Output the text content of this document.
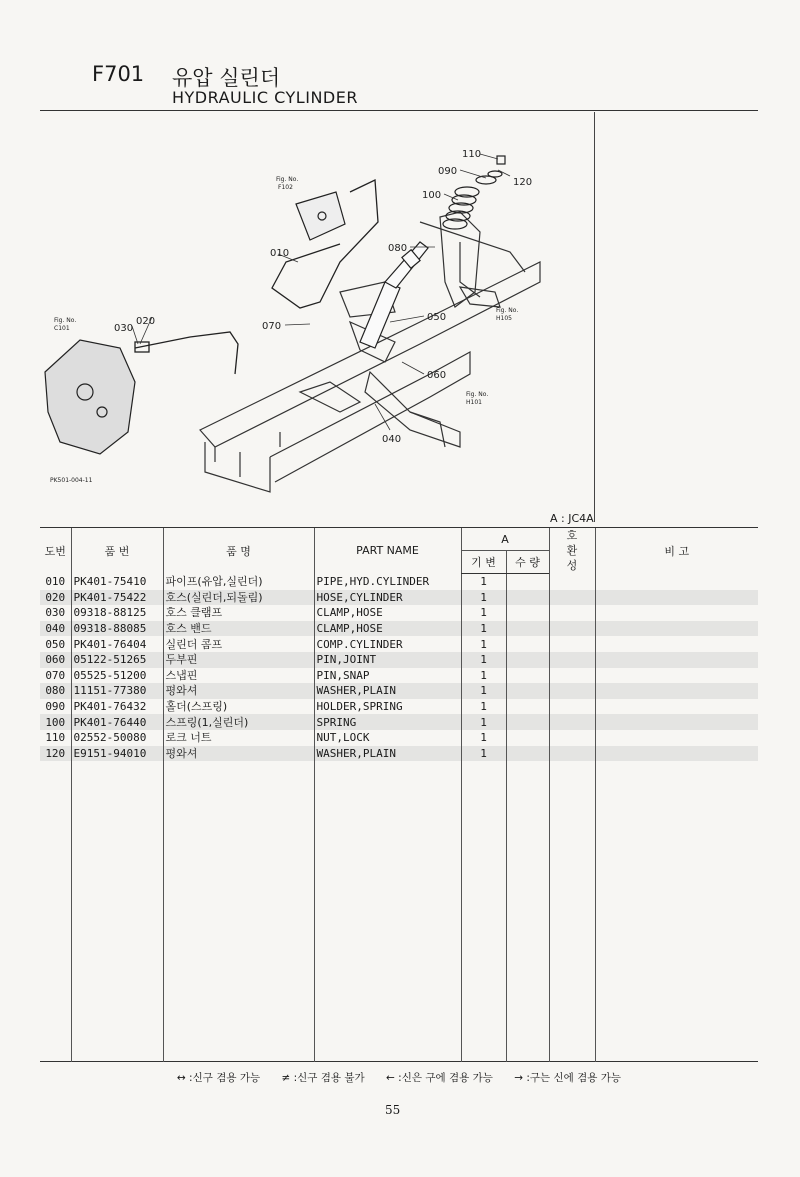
F701 유압 실린더
HYDRAULIC CYLINDER
110
090
120
100
080
010
020
030	070
050
060
040
Fig. No.
F102
Fig. No.
C101
Fig. No.
H105
Fig. No.
H101
PK501-004-11
A : JC4A
도번	품 번	품 명	PART NAME	A		호
환
성	비 고
				기 변	수 량		
010	PK401-75410	파이프(유압,실린더)	PIPE,HYD.CYLINDER	1			
020	PK401-75422	호스(실린더,되돌림)	HOSE,CYLINDER	1			
030	09318-88125	호스 클램프	CLAMP,HOSE	1			
040	09318-88085	호스 밴드	CLAMP,HOSE	1			
050	PK401-76404	실린더 콤프	COMP.CYLINDER	1			
060	05122-51265	두부핀	PIN,JOINT	1			
070	05525-51200	스냅핀	PIN,SNAP	1			
080	11151-77380	평와셔	WASHER,PLAIN	1			
090	PK401-76432	홀더(스프링)	HOLDER,SPRING	1			
100	PK401-76440	스프링(1,실린더)	SPRING	1			
110	02552-50080	로크 너트	NUT,LOCK	1			
120	E9151-94010	평와셔	WASHER,PLAIN	1			

↔ :신구 겸용 가능 ≠ :신구 겸용 불가 ← :신은 구에 겸용 가능 → :구는 신에 겸용 가능
55
